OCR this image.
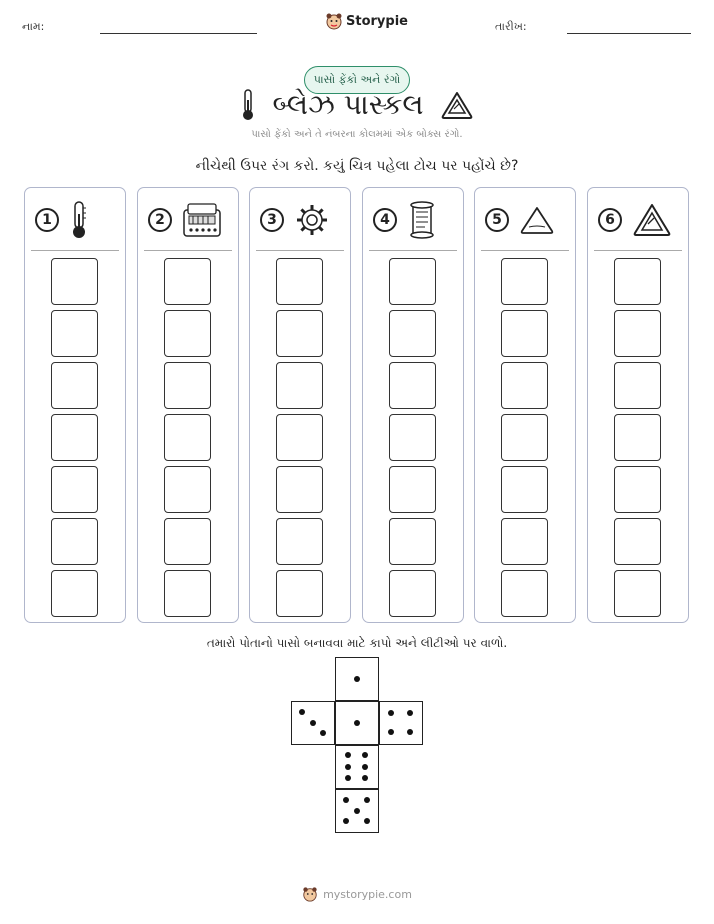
નામ:	Storypie	તારીખ:
પાસો ફેંકો અને રંગો
બ્લેઝ પાસ્કલ
પાસો ફેંકો અને તે નંબરના કોલમમાં એક બોક્સ રંગો.
નીચેથી ઉપર રંગ કરો. કયું ચિત્ર પહેલા ટોચ પર પહોંચે છે?
1	2	3	4	5	6
તમારો પોતાનો પાસો બનાવવા માટે કાપો અને લીટીઓ પર વાળો.
mystorypie.com
